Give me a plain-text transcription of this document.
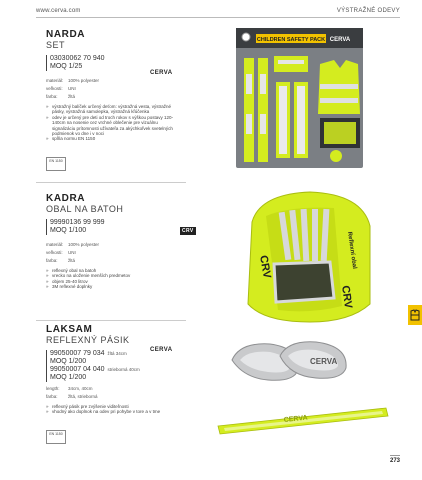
www.cerva.com	VÝSTRAŽNÉ ODEVY
NARDA
SET
03030062 70 940
MOQ 1/25
materiál: 100% polyester
veľkosti: UNI
farba: žltá
» výstražný balíček určený deťom: výstražná vesta, výstražné pásky, výstražná samolepka, výstražná kľúčenka
» odev je určený pre deti od troch rokov s výškou postavy 120-140cm na nosenie cez vrchné oblečenie pre vizuálnu signalizáciu prítomnosti užívateľa za akýchkoľvek svetelných podmienok vo dne i v noci
» spĺňa normu EN 1150
CERVA
EN 1150
CHILDREN SAFETY PACK CERVA
KADRA
OBAL NA BATOH
99990136 99 999
MOQ 1/100
materiál: 100% polyester
veľkosti: UNI
farba: žltá
» reflexný obal na batoh
» vrecko na uloženie menších predmetov
» objem 25-40 litrov
» 3M reflexné doplnky
CRV
CRV	Reflexní obal
CRV
LAKSAM
REFLEXNÝ PÁSIK
99050007 79 034 žltá 34cm
MOQ 1/200
99050007 04 040 strieborná 40cm
MOQ 1/200
length: 34cm, 40cm
farba: žltá, strieborná
» reflexný pásik pre zvýšenie viditeľnosti
» vhodný ako doplnok na odev pri pohybe v tore a v tme
CERVA
EN 1150
CERVA
CERVA
273
